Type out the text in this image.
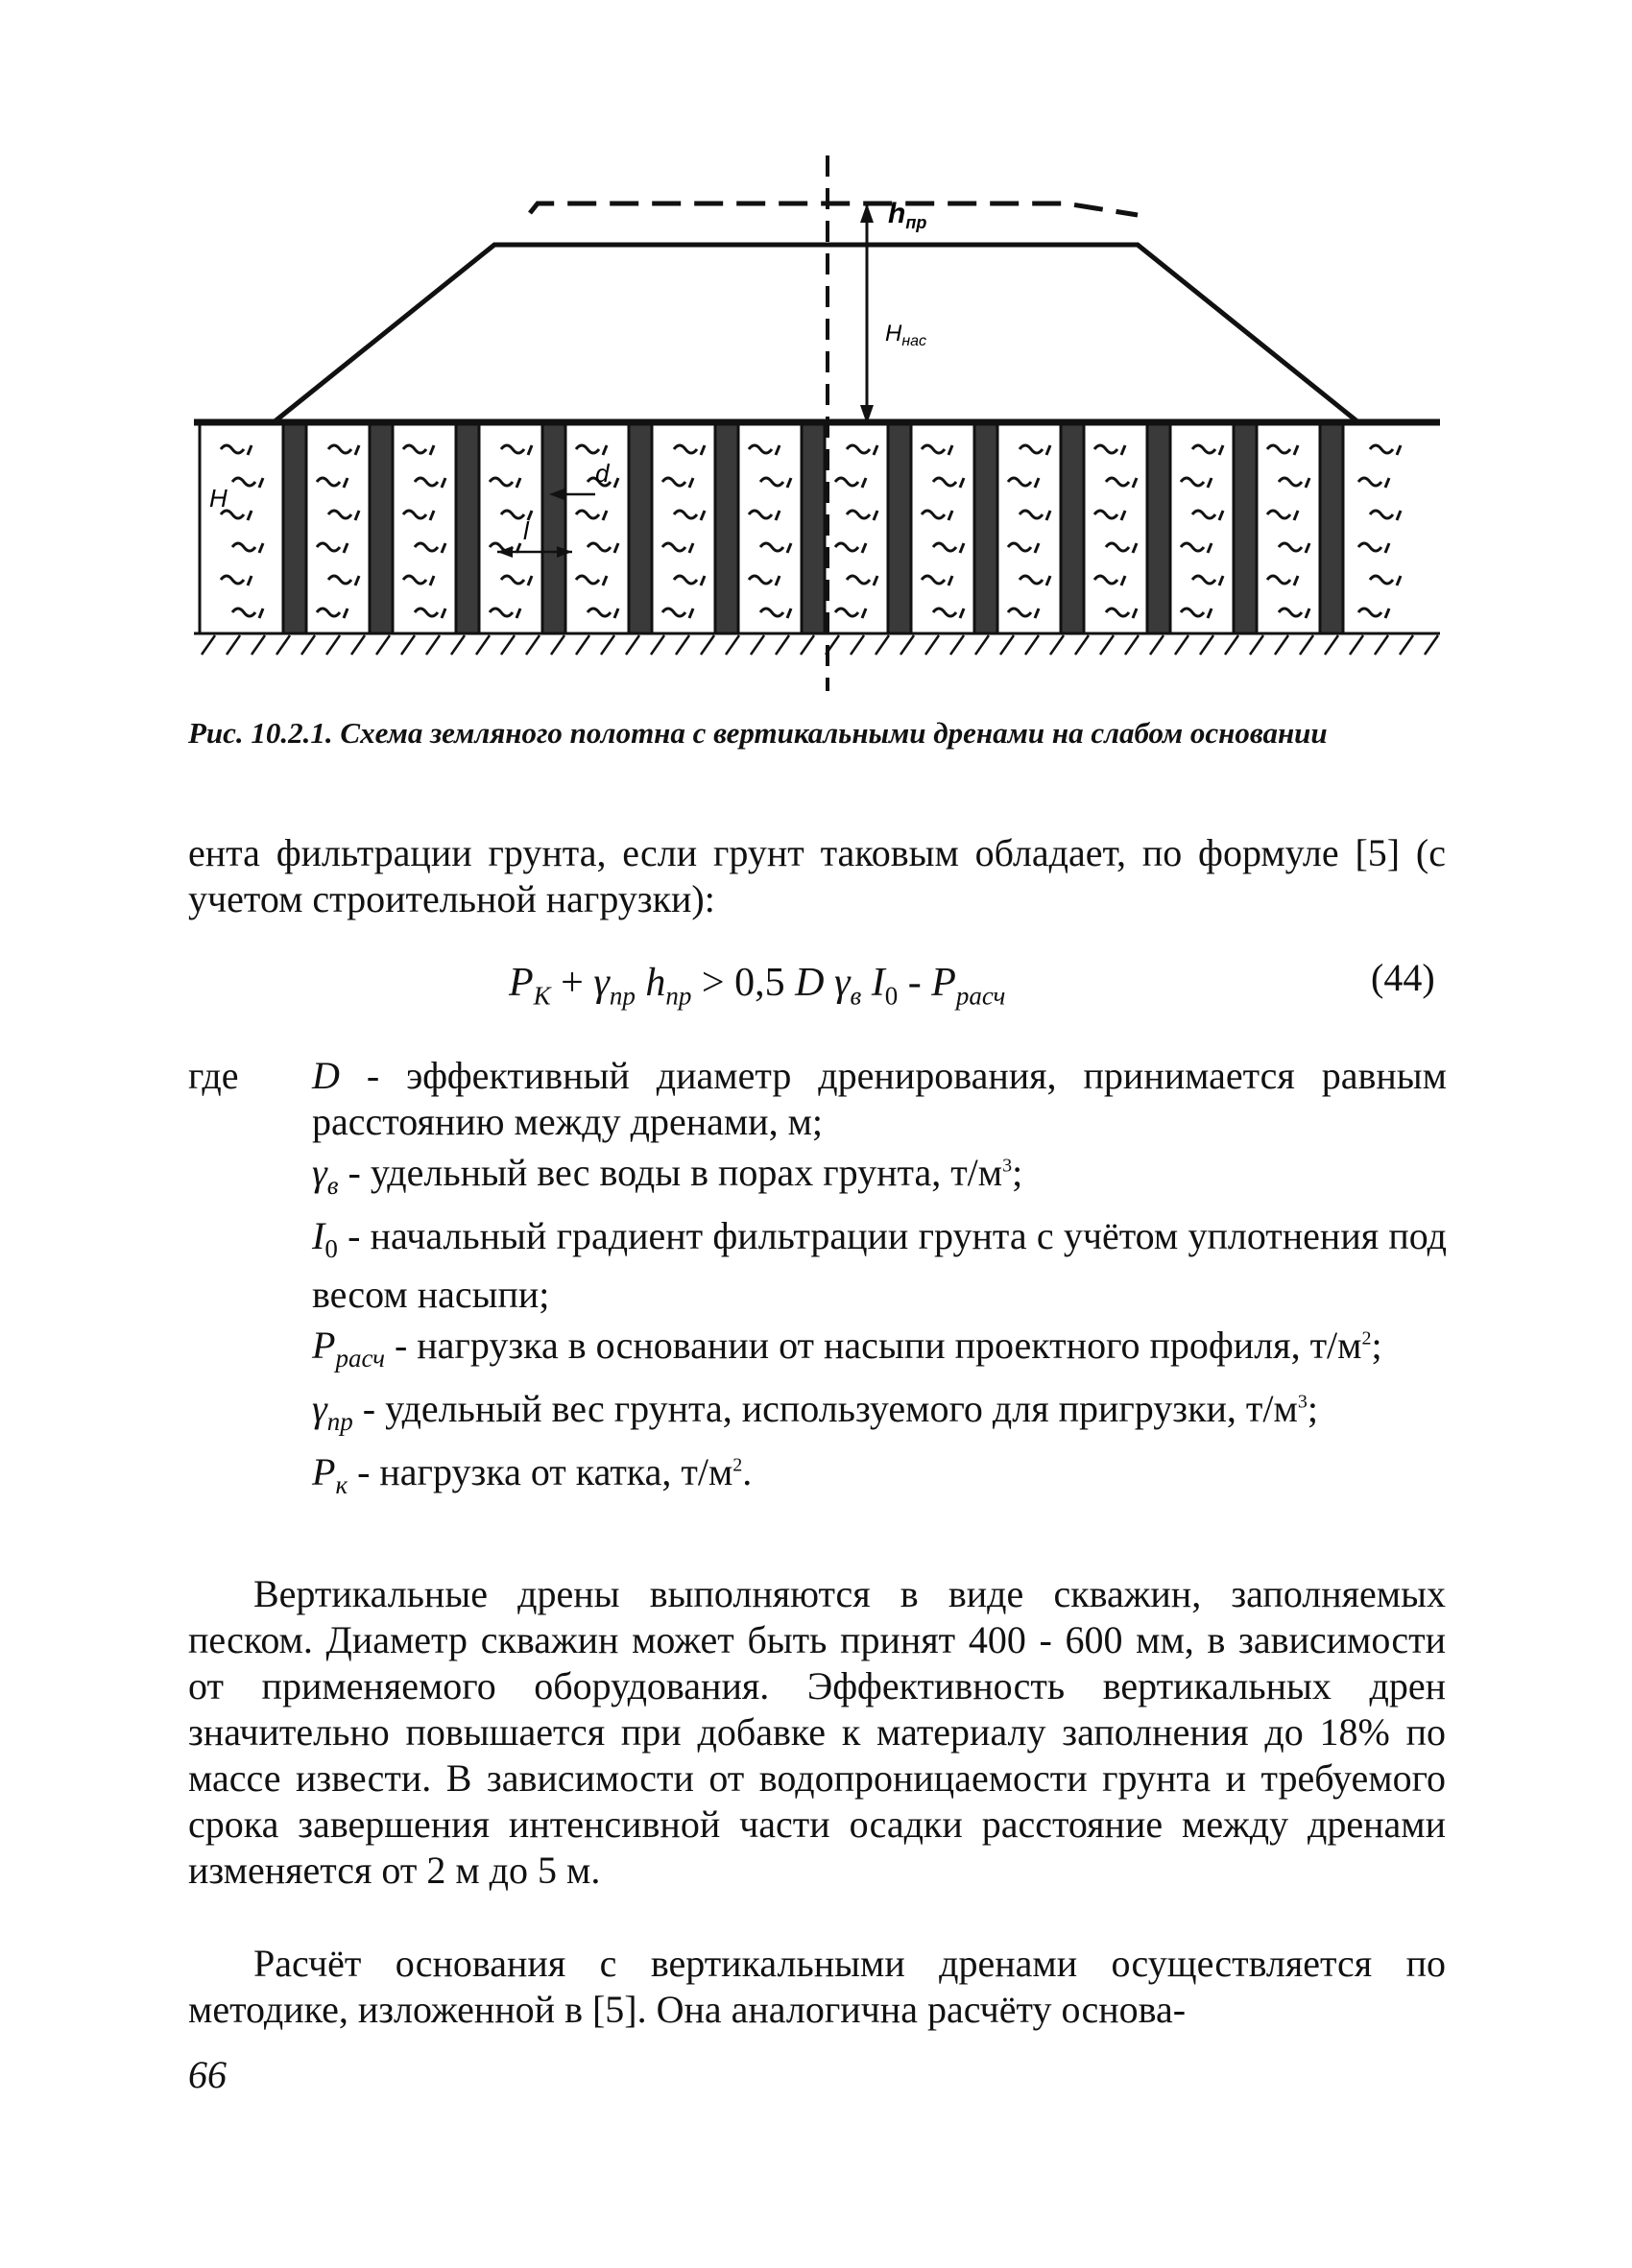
$h_{пр}$
$H_{нас}$
H
d
l
Рис. 10.2.1. Схема земляного полотна с вертикальными дренами на слабом основании
ента фильтрации грунта, если грунт таковым обладает, по формуле [5] (с учетом строительной нагрузки):
$P_K + \gamma_{пр}$ $h_{пр} > 0,5$ D $\gamma_в$ $I_0 - P_{расч}$	(44)
где D - эффективный диаметр дренирования, принимается равным расстоянию между дренами, м;
$\gamma_в$ - удельный вес воды в порах грунта, $т/м^3$;
$I_0$ - начальный градиент фильтрации грунта с учётом уплотнения под весом насыпи;
$P_{расч}$ - нагрузка в основании от насыпи проектного профиля, $т/м^2$;
$\gamma_{пр}$ - удельный вес грунта, используемого для пригрузки, $т/м^3$;
$P_к$ - нагрузка от катка, $т/м^2$.
Вертикальные дрены выполняются в виде скважин, заполняемых песком. Диаметр скважин может быть принят 400 - 600 мм, в зависимости от применяемого оборудования. Эффективность вертикальных дрен значительно повышается при добавке к материалу заполнения до 18% по массе извести. В зависимости от водопроницаемости грунта и требуемого срока завершения интенсивной части осадки расстояние между дренами изменяется от 2 м до 5 м.
Расчёт основания с вертикальными дренами осуществляется по методике, изложенной в [5]. Она аналогична расчёту основа-
66
